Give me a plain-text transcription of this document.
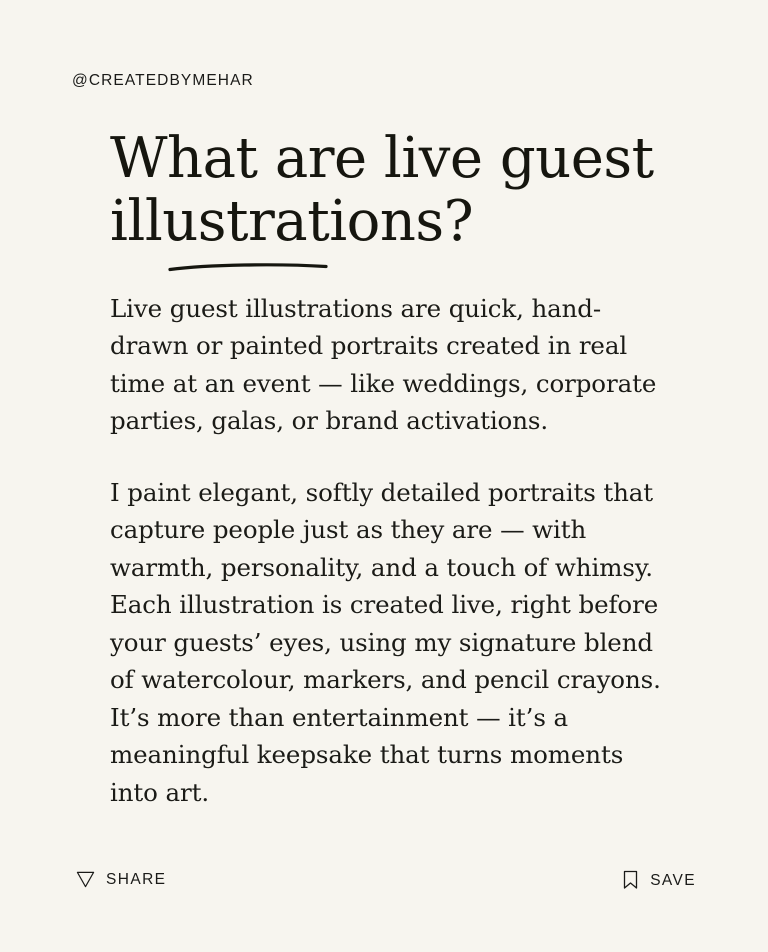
@CREATEDBYMEHAR
What are live guest illustrations?

Live guest illustrations are quick, hand-drawn or painted portraits created in real time at an event — like weddings, corporate parties, galas, or brand activations.

I paint elegant, softly detailed portraits that capture people just as they are — with warmth, personality, and a touch of whimsy. Each illustration is created live, right before your guests’ eyes, using my signature blend of watercolour, markers, and pencil crayons. It’s more than entertainment — it’s a meaningful keepsake that turns moments into art.

SHARE	SAVE
